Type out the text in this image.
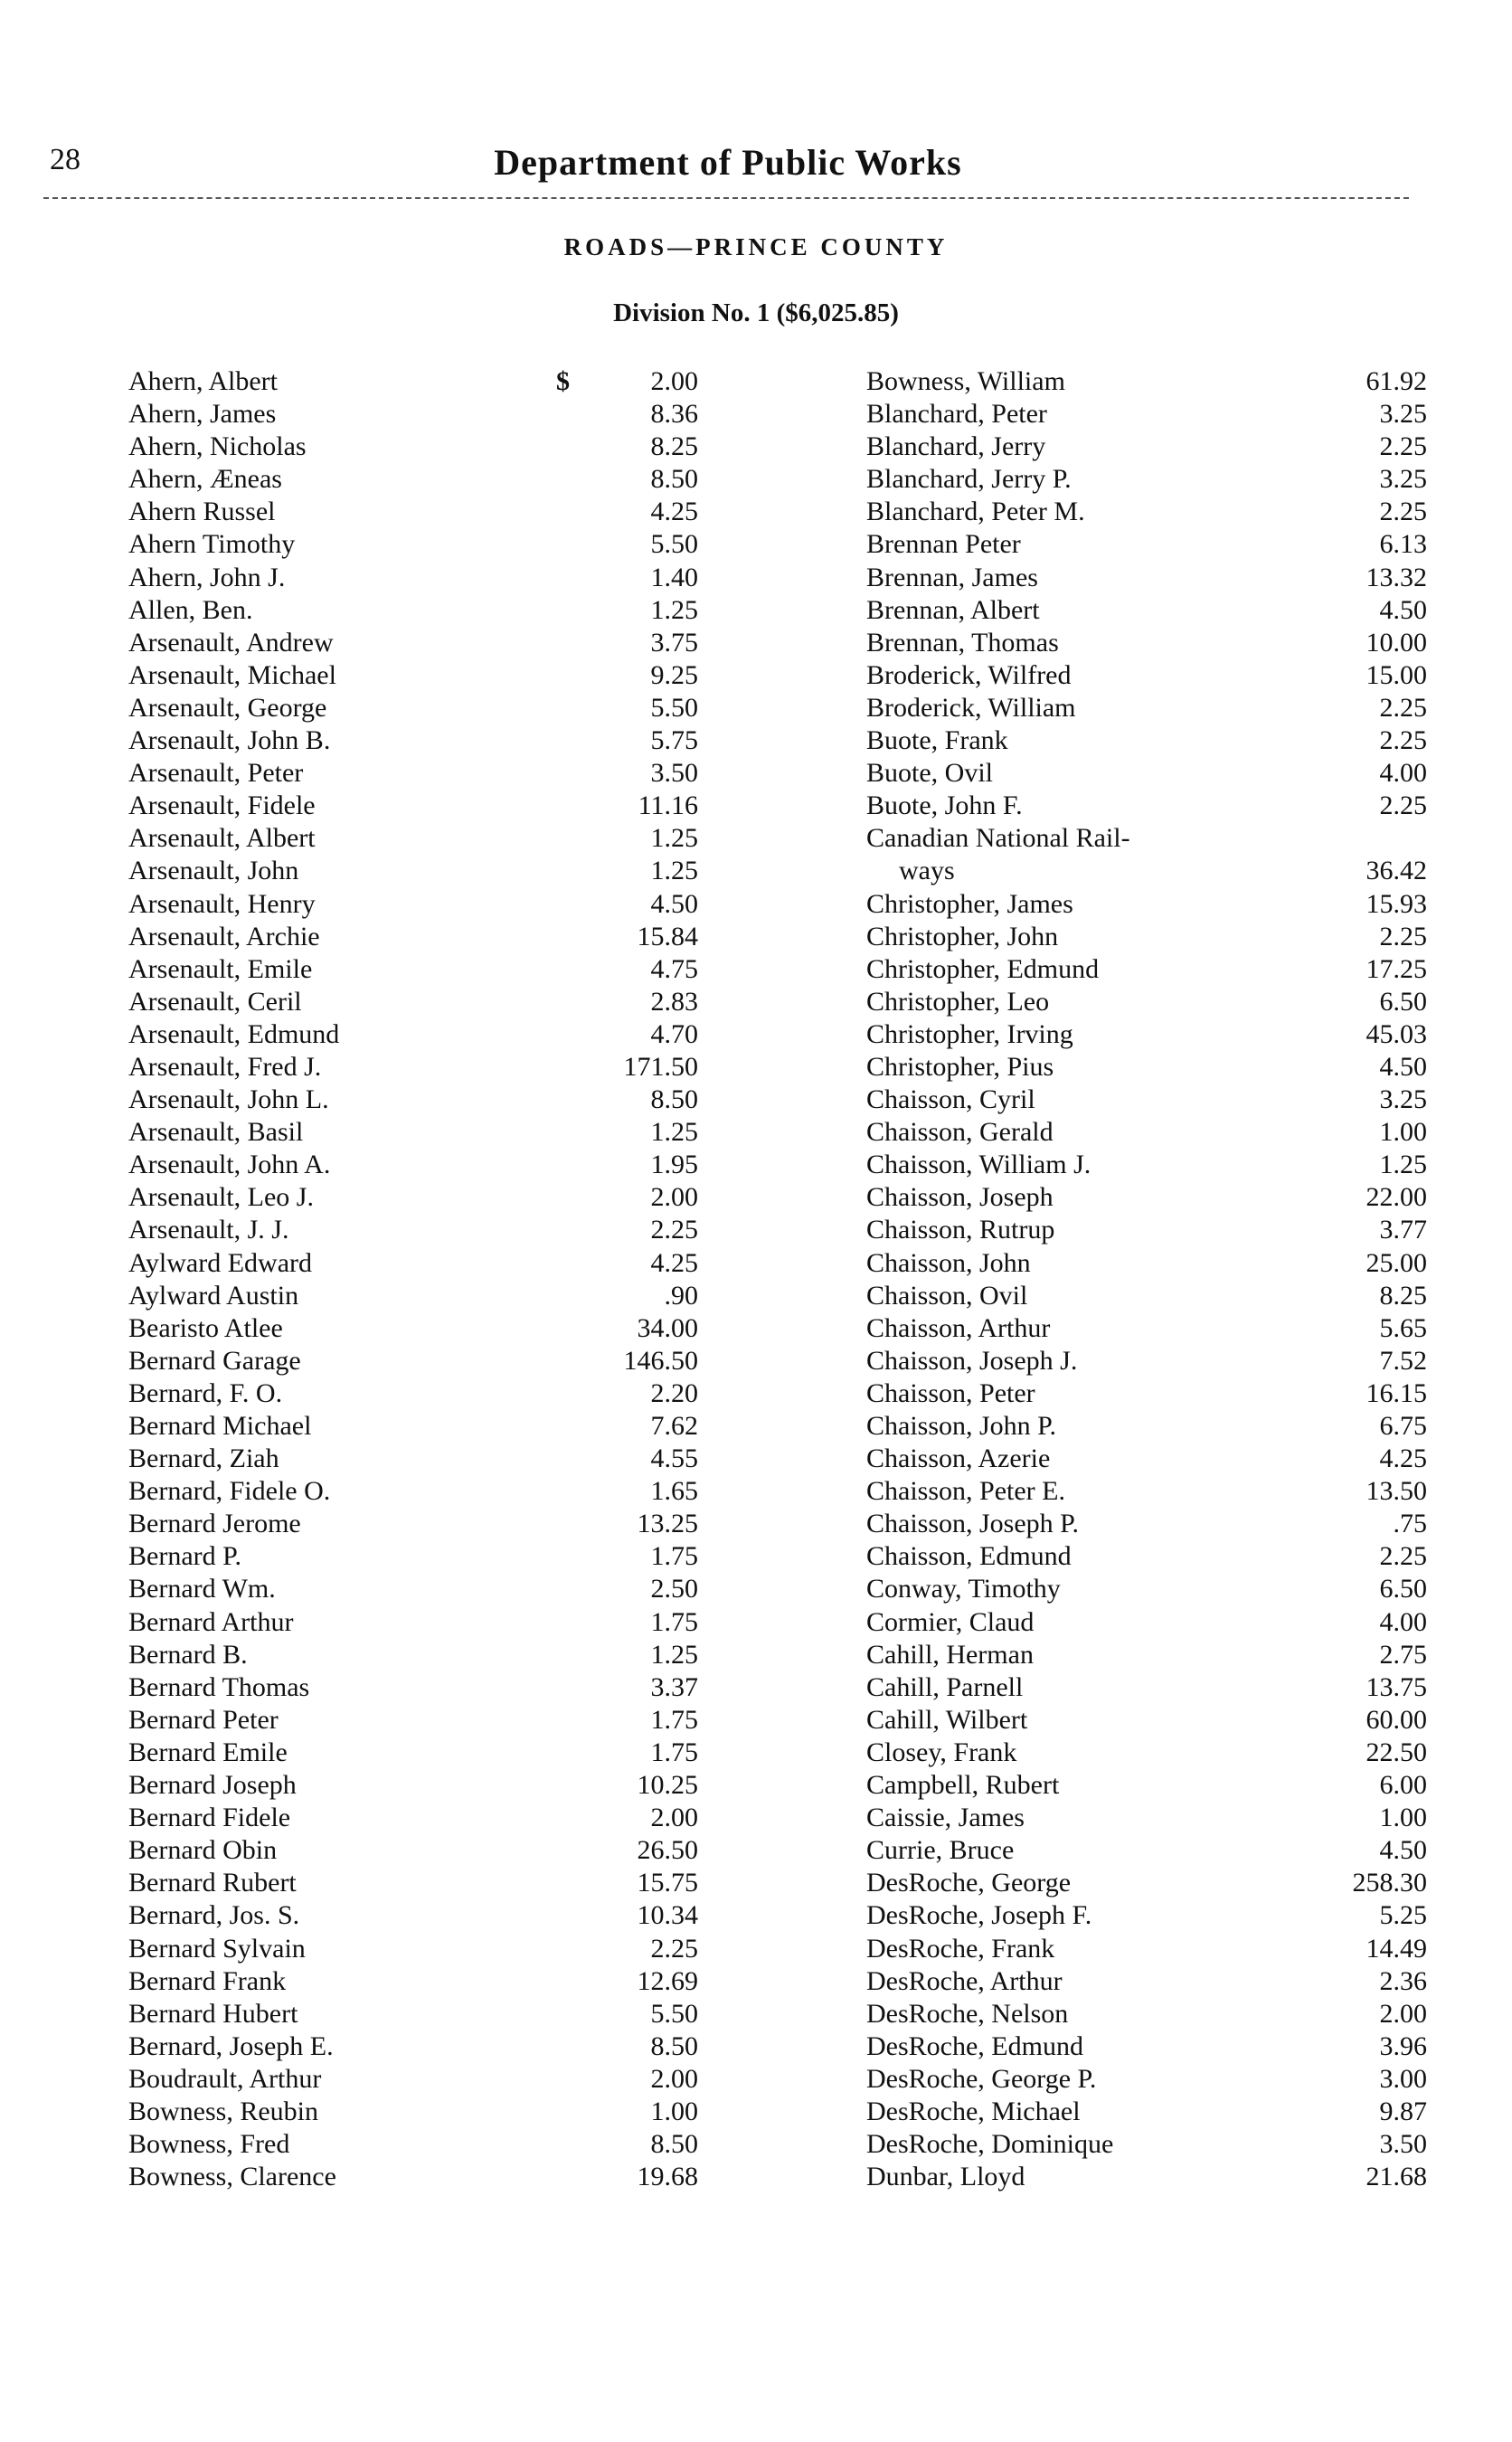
28	Department of Public Works
ROADS—PRINCE COUNTY
Division No. 1 ($6,025.85)
Ahern, Albert	$	2.00
Ahern, James	8.36
Ahern, Nicholas	8.25
Ahern, Æneas	8.50
Ahern Russel	4.25
Ahern Timothy	5.50
Ahern, John J.	1.40
Allen, Ben.	1.25
Arsenault, Andrew	3.75
Arsenault, Michael	9.25
Arsenault, George	5.50
Arsenault, John B.	5.75
Arsenault, Peter	3.50
Arsenault, Fidele	11.16
Arsenault, Albert	1.25
Arsenault, John	1.25
Arsenault, Henry	4.50
Arsenault, Archie	15.84
Arsenault, Emile	4.75
Arsenault, Ceril	2.83
Arsenault, Edmund	4.70
Arsenault, Fred J.	171.50
Arsenault, John L.	8.50
Arsenault, Basil	1.25
Arsenault, John A.	1.95
Arsenault, Leo J.	2.00
Arsenault, J. J.	2.25
Aylward Edward	4.25
Aylward Austin	.90
Bearisto Atlee	34.00
Bernard Garage	146.50
Bernard, F. O.	2.20
Bernard Michael	7.62
Bernard, Ziah	4.55
Bernard, Fidele O.	1.65
Bernard Jerome	13.25
Bernard P.	1.75
Bernard Wm.	2.50
Bernard Arthur	1.75
Bernard B.	1.25
Bernard Thomas	3.37
Bernard Peter	1.75
Bernard Emile	1.75
Bernard Joseph	10.25
Bernard Fidele	2.00
Bernard Obin	26.50
Bernard Rubert	15.75
Bernard, Jos. S.	10.34
Bernard Sylvain	2.25
Bernard Frank	12.69
Bernard Hubert	5.50
Bernard, Joseph E.	8.50
Boudrault, Arthur	2.00
Bowness, Reubin	1.00
Bowness, Fred	8.50
Bowness, Clarence	19.68
Bowness, William	61.92
Blanchard, Peter	3.25
Blanchard, Jerry	2.25
Blanchard, Jerry P.	3.25
Blanchard, Peter M.	2.25
Brennan Peter	6.13
Brennan, James	13.32
Brennan, Albert	4.50
Brennan, Thomas	10.00
Broderick, Wilfred	15.00
Broderick, William	2.25
Buote, Frank	2.25
Buote, Ovil	4.00
Buote, John F.	2.25
Canadian National Rail-
ways	36.42
Christopher, James	15.93
Christopher, John	2.25
Christopher, Edmund	17.25
Christopher, Leo	6.50
Christopher, Irving	45.03
Christopher, Pius	4.50
Chaisson, Cyril	3.25
Chaisson, Gerald	1.00
Chaisson, William J.	1.25
Chaisson, Joseph	22.00
Chaisson, Rutrup	3.77
Chaisson, John	25.00
Chaisson, Ovil	8.25
Chaisson, Arthur	5.65
Chaisson, Joseph J.	7.52
Chaisson, Peter	16.15
Chaisson, John P.	6.75
Chaisson, Azerie	4.25
Chaisson, Peter E.	13.50
Chaisson, Joseph P.	.75
Chaisson, Edmund	2.25
Conway, Timothy	6.50
Cormier, Claud	4.00
Cahill, Herman	2.75
Cahill, Parnell	13.75
Cahill, Wilbert	60.00
Closey, Frank	22.50
Campbell, Rubert	6.00
Caissie, James	1.00
Currie, Bruce	4.50
DesRoche, George	258.30
DesRoche, Joseph F.	5.25
DesRoche, Frank	14.49
DesRoche, Arthur	2.36
DesRoche, Nelson	2.00
DesRoche, Edmund	3.96
DesRoche, George P.	3.00
DesRoche, Michael	9.87
DesRoche, Dominique	3.50
Dunbar, Lloyd	21.68
